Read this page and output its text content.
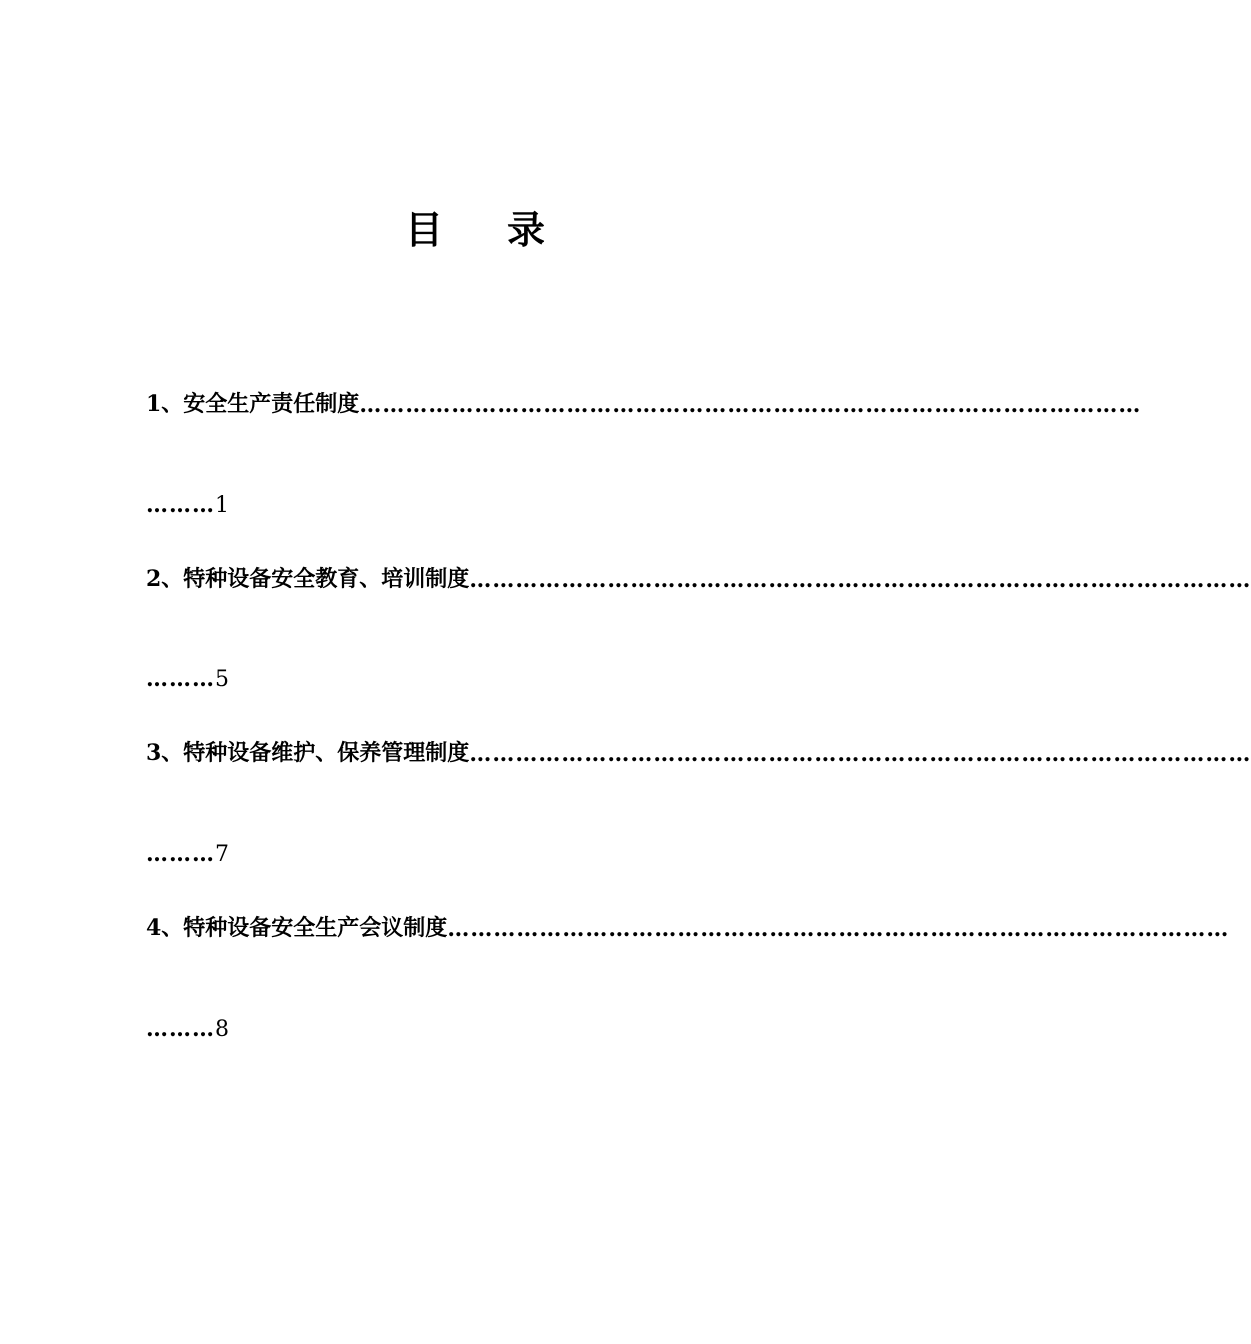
目 录
1、安全生产责任制度 …………………………………………………………………………………………
……… 1
2、特种设备安全教育、培训制度 …………………………………………………………………………………………
……… 5
3、特种设备维护、保养管理制度 …………………………………………………………………………………………
……… 7
4、特种设备安全生产会议制度 …………………………………………………………………………………………
……… 8
